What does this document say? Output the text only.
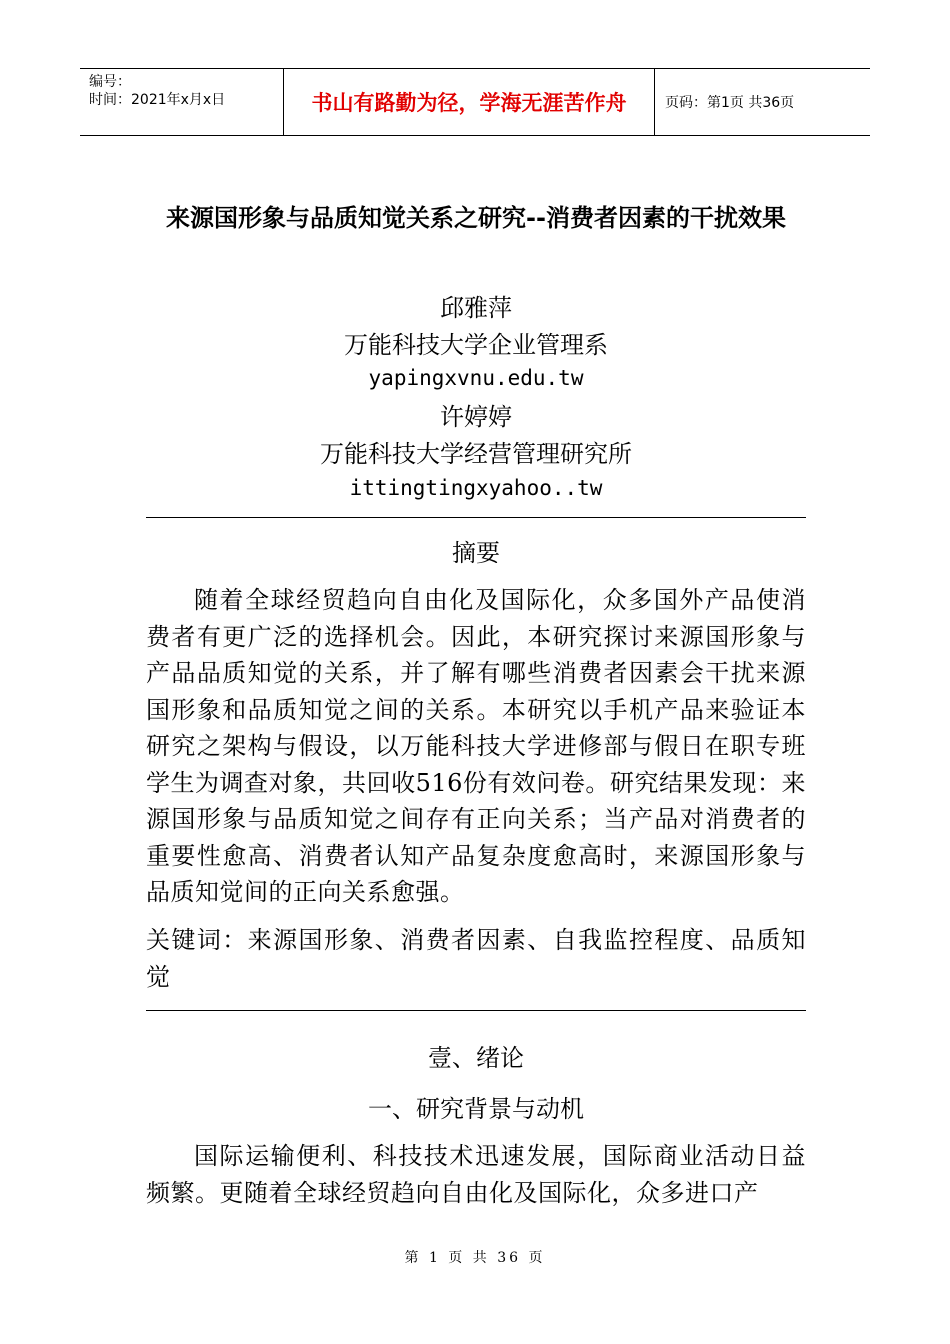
编号：
时间：2021年x月x日	书山有路勤为径，学海无涯苦作舟	页码：第1页 共36页
来源国形象与品质知觉关系之研究--消费者因素的干扰效果
邱雅萍
万能科技大学企业管理系
yapingxvnu.edu.tw
许婷婷
万能科技大学经营管理研究所
ittingtingxyahoo..tw
摘要
随着全球经贸趋向自由化及国际化，众多国外产品使消费者有更广泛的选择机会。因此，本研究探讨来源国形象与产品品质知觉的关系，并了解有哪些消费者因素会干扰来源国形象和品质知觉之间的关系。本研究以手机产品来验证本研究之架构与假设，以万能科技大学进修部与假日在职专班学生为调查对象，共回收516份有效问卷。研究结果发现：来源国形象与品质知觉之间存有正向关系；当产品对消费者的重要性愈高、消费者认知产品复杂度愈高时，来源国形象与品质知觉间的正向关系愈强。
关键词：来源国形象、消费者因素、自我监控程度、品质知觉
壹、绪论
一、研究背景与动机
国际运输便利、科技技术迅速发展，国际商业活动日益频繁。更随着全球经贸趋向自由化及国际化，众多进口产
第 1 页 共 36 页
